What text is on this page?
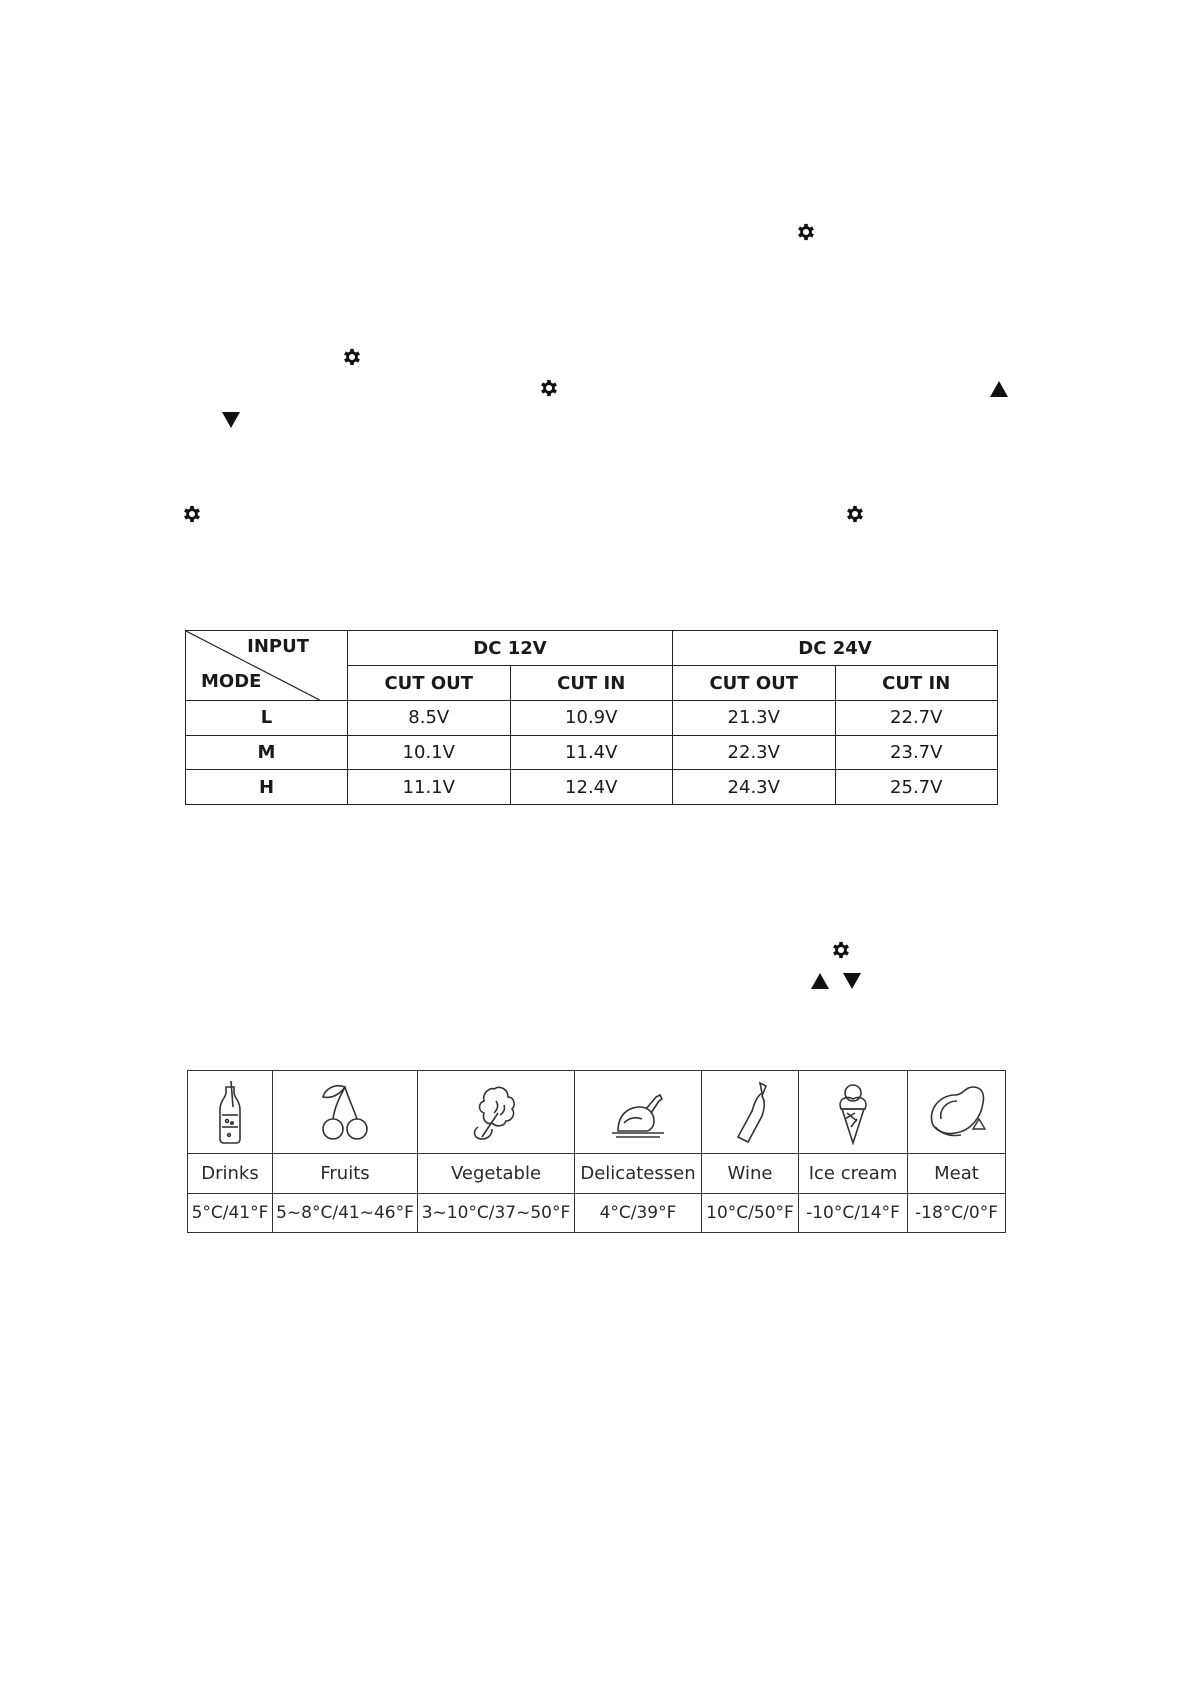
INPUT
MODE	DC 12V		DC 24V	
	CUT OUT	CUT IN	CUT OUT	CUT IN
L	8.5V	10.9V	21.3V	22.7V
M	10.1V	11.4V	22.3V	23.7V
H	11.1V	12.4V	24.3V	25.7V

Drinks	Fruits	Vegetable	Delicatessen	Wine	Ice cream	Meat
5°C/41°F	5~8°C/41~46°F	3~10°C/37~50°F	4°C/39°F	10°C/50°F	-10°C/14°F	-18°C/0°F
